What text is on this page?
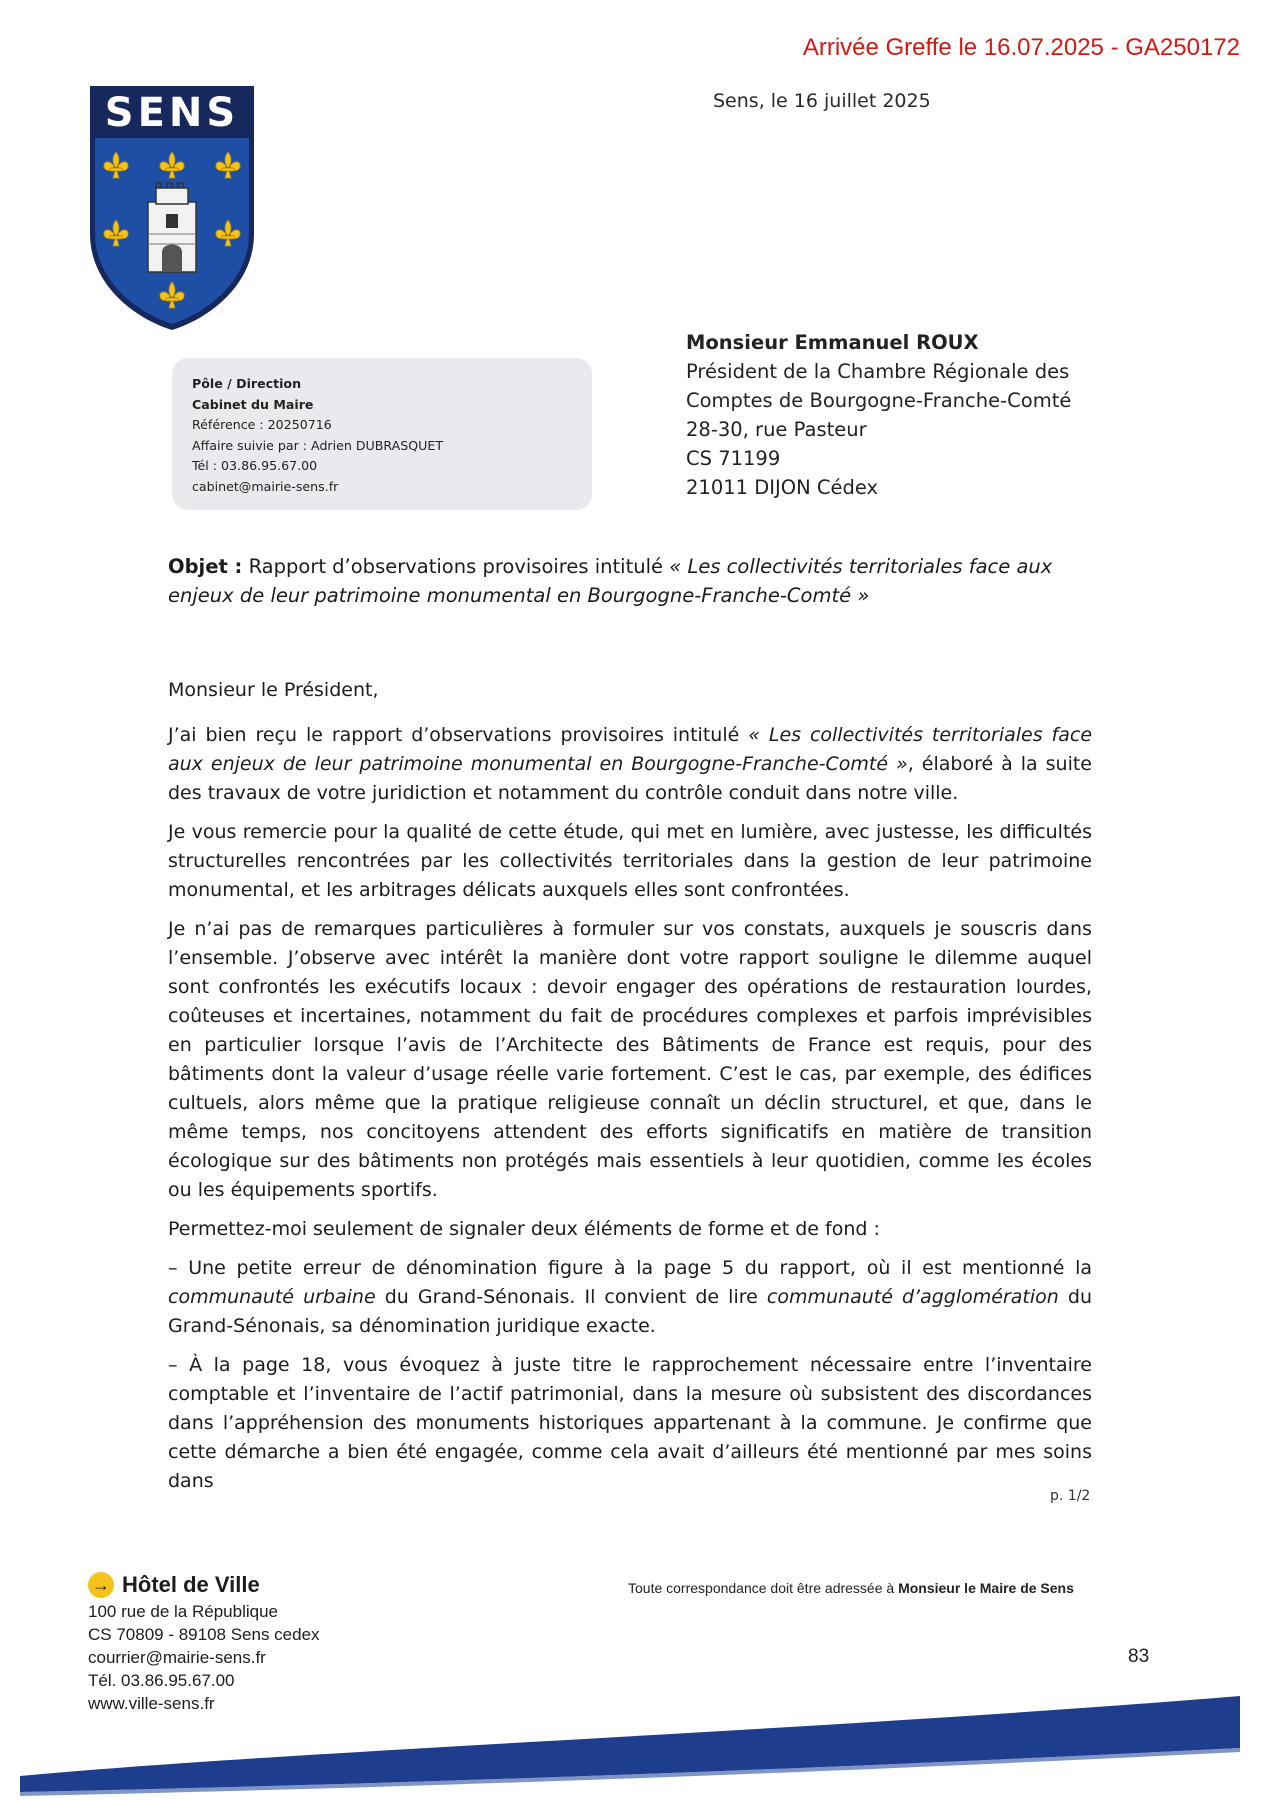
Arrivée Greffe le 16.07.2025 - GA250172
SENS	Sens, le 16 juillet 2025
Monsieur Emmanuel ROUX
Président de la Chambre Régionale des
Comptes de Bourgogne-Franche-Comté
28-30, rue Pasteur
CS 71199
21011 DIJON Cédex
Pôle / Direction
Cabinet du Maire
Référence : 20250716
Affaire suivie par : Adrien DUBRASQUET
Tél : 03.86.95.67.00
cabinet@mairie-sens.fr
Objet : Rapport d’observations provisoires intitulé « Les collectivités territoriales face aux enjeux de leur patrimoine monumental en Bourgogne-Franche-Comté »

Monsieur le Président,

J’ai bien reçu le rapport d’observations provisoires intitulé « Les collectivités territoriales face aux enjeux de leur patrimoine monumental en Bourgogne-Franche-Comté », élaboré à la suite des travaux de votre juridiction et notamment du contrôle conduit dans notre ville.

Je vous remercie pour la qualité de cette étude, qui met en lumière, avec justesse, les difficultés structurelles rencontrées par les collectivités territoriales dans la gestion de leur patrimoine monumental, et les arbitrages délicats auxquels elles sont confrontées.

Je n’ai pas de remarques particulières à formuler sur vos constats, auxquels je souscris dans l’ensemble. J’observe avec intérêt la manière dont votre rapport souligne le dilemme auquel sont confrontés les exécutifs locaux : devoir engager des opérations de restauration lourdes, coûteuses et incertaines, notamment du fait de procédures complexes et parfois imprévisibles en particulier lorsque l’avis de l’Architecte des Bâtiments de France est requis, pour des bâtiments dont la valeur d’usage réelle varie fortement. C’est le cas, par exemple, des édifices cultuels, alors même que la pratique religieuse connaît un déclin structurel, et que, dans le même temps, nos concitoyens attendent des efforts significatifs en matière de transition écologique sur des bâtiments non protégés mais essentiels à leur quotidien, comme les écoles ou les équipements sportifs.

Permettez-moi seulement de signaler deux éléments de forme et de fond :

– Une petite erreur de dénomination figure à la page 5 du rapport, où il est mentionné la communauté urbaine du Grand-Sénonais. Il convient de lire communauté d’agglomération du Grand-Sénonais, sa dénomination juridique exacte.

– À la page 18, vous évoquez à juste titre le rapprochement nécessaire entre l’inventaire comptable et l’inventaire de l’actif patrimonial, dans la mesure où subsistent des discordances dans l’appréhension des monuments historiques appartenant à la commune. Je confirme que cette démarche a bien été engagée, comme cela avait d’ailleurs été mentionné par mes soins dans

p. 1/2
→ Hôtel de Ville
100 rue de la République
CS 70809 - 89108 Sens cedex
courrier@mairie-sens.fr
Tél. 03.86.95.67.00
www.ville-sens.fr
Toute correspondance doit être adressée à Monsieur le Maire de Sens
83
